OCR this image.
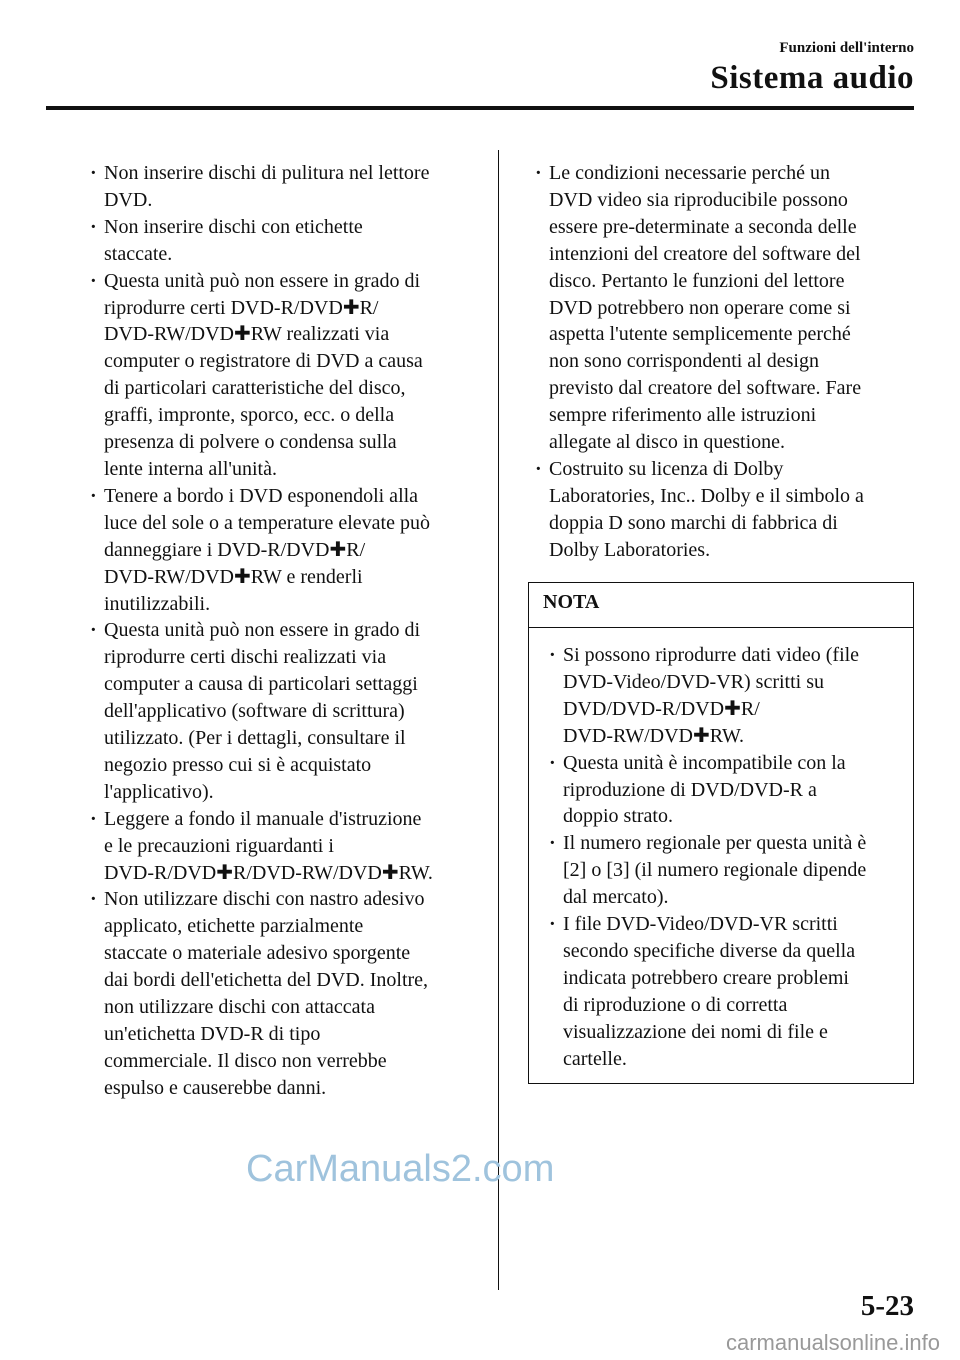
Funzioni dell'interno
Sistema audio
· Non inserire dischi di pulitura nel lettore
DVD.
· Non inserire dischi con etichette
staccate.
· Questa unità può non essere in grado di
riprodurre certi DVD-R/DVD✚R/
DVD-RW/DVD✚RW realizzati via
computer o registratore di DVD a causa
di particolari caratteristiche del disco,
graffi, impronte, sporco, ecc. o della
presenza di polvere o condensa sulla
lente interna all'unità.
· Tenere a bordo i DVD esponendoli alla
luce del sole o a temperature elevate può
danneggiare i DVD-R/DVD✚R/
DVD-RW/DVD✚RW e renderli
inutilizzabili.
· Questa unità può non essere in grado di
riprodurre certi dischi realizzati via
computer a causa di particolari settaggi
dell'applicativo (software di scrittura)
utilizzato. (Per i dettagli, consultare il
negozio presso cui si è acquistato
l'applicativo).
· Leggere a fondo il manuale d'istruzione
e le precauzioni riguardanti i
DVD-R/DVD✚R/DVD-RW/DVD✚RW.
· Non utilizzare dischi con nastro adesivo
applicato, etichette parzialmente
staccate o materiale adesivo sporgente
dai bordi dell'etichetta del DVD. Inoltre,
non utilizzare dischi con attaccata
un'etichetta DVD-R di tipo
commerciale. Il disco non verrebbe
espulso e causerebbe danni.
· Le condizioni necessarie perché un
DVD video sia riproducibile possono
essere pre-determinate a seconda delle
intenzioni del creatore del software del
disco. Pertanto le funzioni del lettore
DVD potrebbero non operare come si
aspetta l'utente semplicemente perché
non sono corrispondenti al design
previsto dal creatore del software. Fare
sempre riferimento alle istruzioni
allegate al disco in questione.
· Costruito su licenza di Dolby
Laboratories, Inc.. Dolby e il simbolo a
doppia D sono marchi di fabbrica di
Dolby Laboratories.
NOTA
· Si possono riprodurre dati video (file
DVD-Video/DVD-VR) scritti su
DVD/DVD-R/DVD✚R/
DVD-RW/DVD✚RW.
· Questa unità è incompatibile con la
riproduzione di DVD/DVD-R a
doppio strato.
· Il numero regionale per questa unità è
[2] o [3] (il numero regionale dipende
dal mercato).
· I file DVD-Video/DVD-VR scritti
secondo specifiche diverse da quella
indicata potrebbero creare problemi
di riproduzione o di corretta
visualizzazione dei nomi di file e
cartelle.
CarManuals2.com
5-23
carmanualsonline.info
